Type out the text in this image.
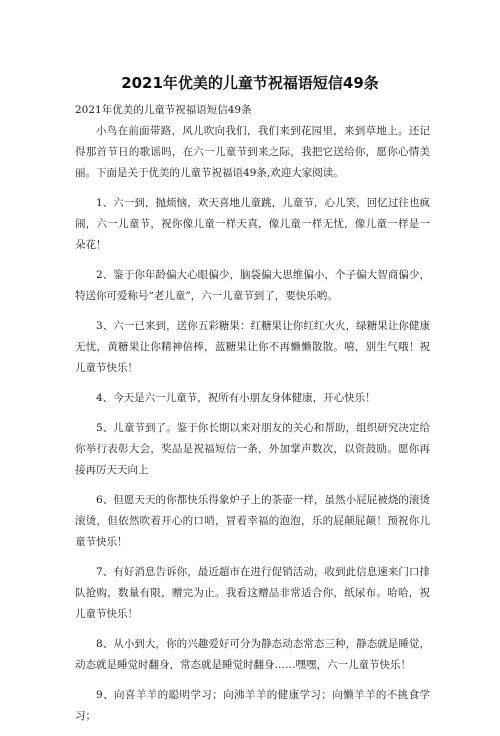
2021年优美的儿童节祝福语短信49条

2021年优美的儿童节祝福语短信49条

小鸟在前面带路，风儿吹向我们，我们来到花园里，来到草地上。还记得那首节日的歌谣吗，在六一儿童节到来之际，我把它送给你，愿你心情美丽。下面是关于优美的儿童节祝福语49条,欢迎大家阅读。

1、六一到，抛烦恼，欢天喜地儿童跳，儿童节，心儿笑，回忆过往也疯闹，六一儿童节，祝你像儿童一样天真，像儿童一样无忧，像儿童一样是一朵花！

2、鉴于你年龄偏大心眼偏少，脑袋偏大思维偏小，个子偏大智商偏少，特送你可爱称号“老儿童”，六一儿童节到了，要快乐哟。

3、六一已来到，送你五彩糖果：红糖果让你红红火火，绿糖果让你健康无忧，黄糖果让你精神倍棒，蓝糖果让你不再懒懒散散。嘻，别生气哦！祝儿童节快乐！

4、今天是六一儿童节，祝所有小朋友身体健康，开心快乐！

5、儿童节到了。鉴于你长期以来对朋友的关心和帮助，组织研究决定给你举行表彰大会，奖品是祝福短信一条，外加掌声数次，以资鼓励。愿你再接再厉天天向上

6、但愿天天的你都快乐得象炉子上的茶壶一样，虽然小屁屁被烧的滚烫滚烫，但依然吹着开心的口哨，冒着幸福的泡泡，乐的屁颠屁颠！预祝你儿童节快乐！

7、有好消息告诉你，最近超市在进行促销活动，收到此信息速来门口排队抢购，数量有限，赠完为止。我看这赠品非常适合你，纸尿布。哈哈，祝儿童节快乐！

8、从小到大，你的兴趣爱好可分为静态动态常态三种，静态就是睡觉，动态就是睡觉时翻身，常态就是睡觉时翻身……嘿嘿，六一儿童节快乐！

9、向喜羊羊的聪明学习；向沸羊羊的健康学习；向懒羊羊的不挑食学习；
